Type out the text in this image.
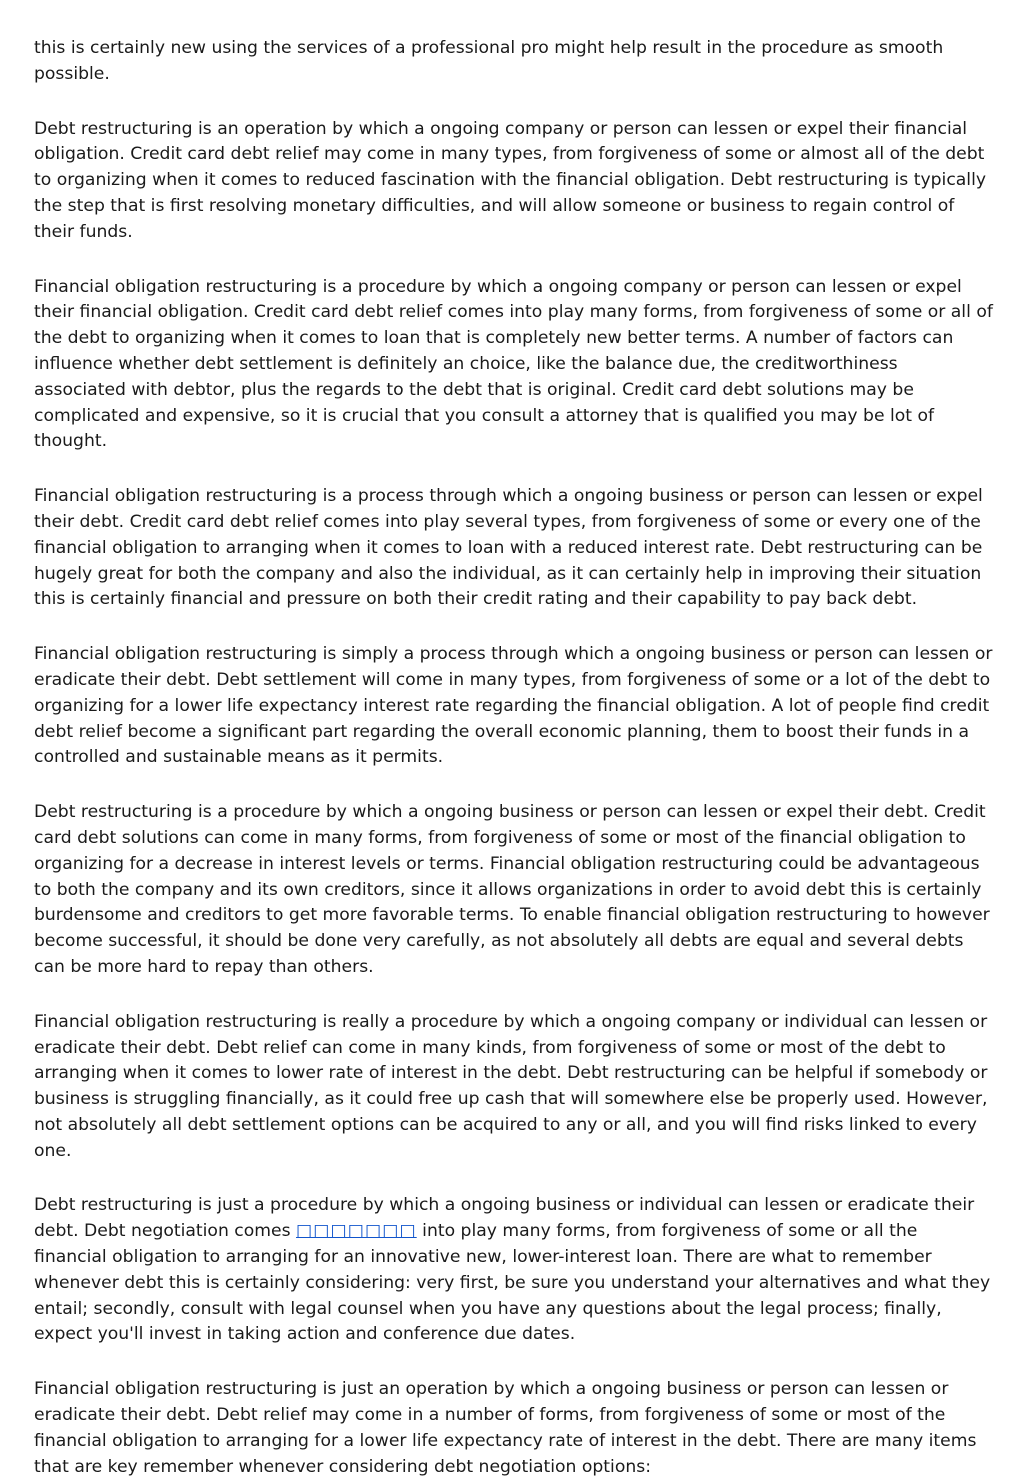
this is certainly new using the services of a professional pro might help result in the procedure as smooth possible.

Debt restructuring is an operation by which a ongoing company or person can lessen or expel their financial obligation. Credit card debt relief may come in many types, from forgiveness of some or almost all of the debt to organizing when it comes to reduced fascination with the financial obligation. Debt restructuring is typically the step that is first resolving monetary difficulties, and will allow someone or business to regain control of their funds.

Financial obligation restructuring is a procedure by which a ongoing company or person can lessen or expel their financial obligation. Credit card debt relief comes into play many forms, from forgiveness of some or all of the debt to organizing when it comes to loan that is completely new better terms. A number of factors can influence whether debt settlement is definitely an choice, like the balance due, the creditworthiness associated with debtor, plus the regards to the debt that is original. Credit card debt solutions may be complicated and expensive, so it is crucial that you consult a attorney that is qualified you may be lot of thought.

Financial obligation restructuring is a process through which a ongoing business or person can lessen or expel their debt. Credit card debt relief comes into play several types, from forgiveness of some or every one of the financial obligation to arranging when it comes to loan with a reduced interest rate. Debt restructuring can be hugely great for both the company and also the individual, as it can certainly help in improving their situation this is certainly financial and pressure on both their credit rating and their capability to pay back debt.

Financial obligation restructuring is simply a process through which a ongoing business or person can lessen or eradicate their debt. Debt settlement will come in many types, from forgiveness of some or a lot of the debt to organizing for a lower life expectancy interest rate regarding the financial obligation. A lot of people find credit debt relief become a significant part regarding the overall economic planning, them to boost their funds in a controlled and sustainable means as it permits.

Debt restructuring is a procedure by which a ongoing business or person can lessen or expel their debt. Credit card debt solutions can come in many forms, from forgiveness of some or most of the financial obligation to organizing for a decrease in interest levels or terms. Financial obligation restructuring could be advantageous to both the company and its own creditors, since it allows organizations in order to avoid debt this is certainly burdensome and creditors to get more favorable terms. To enable financial obligation restructuring to however become successful, it should be done very carefully, as not absolutely all debts are equal and several debts can be more hard to repay than others.

Financial obligation restructuring is really a procedure by which a ongoing company or individual can lessen or eradicate their debt. Debt relief can come in many kinds, from forgiveness of some or most of the debt to arranging when it comes to lower rate of interest in the debt. Debt restructuring can be helpful if somebody or business is struggling financially, as it could free up cash that will somewhere else be properly used. However, not absolutely all debt settlement options can be acquired to any or all, and you will find risks linked to every one.

Debt restructuring is just a procedure by which a ongoing business or individual can lessen or eradicate their debt. Debt negotiation comes □□□□□□□ into play many forms, from forgiveness of some or all the financial obligation to arranging for an innovative new, lower-interest loan. There are what to remember whenever debt this is certainly considering: very first, be sure you understand your alternatives and what they entail; secondly, consult with legal counsel when you have any questions about the legal process; finally, expect you'll invest in taking action and conference due dates.

Financial obligation restructuring is just an operation by which a ongoing business or person can lessen or eradicate their debt. Debt relief may come in a number of forms, from forgiveness of some or most of the financial obligation to arranging for a lower life expectancy rate of interest in the debt. There are many items that are key remember whenever considering debt negotiation options:
